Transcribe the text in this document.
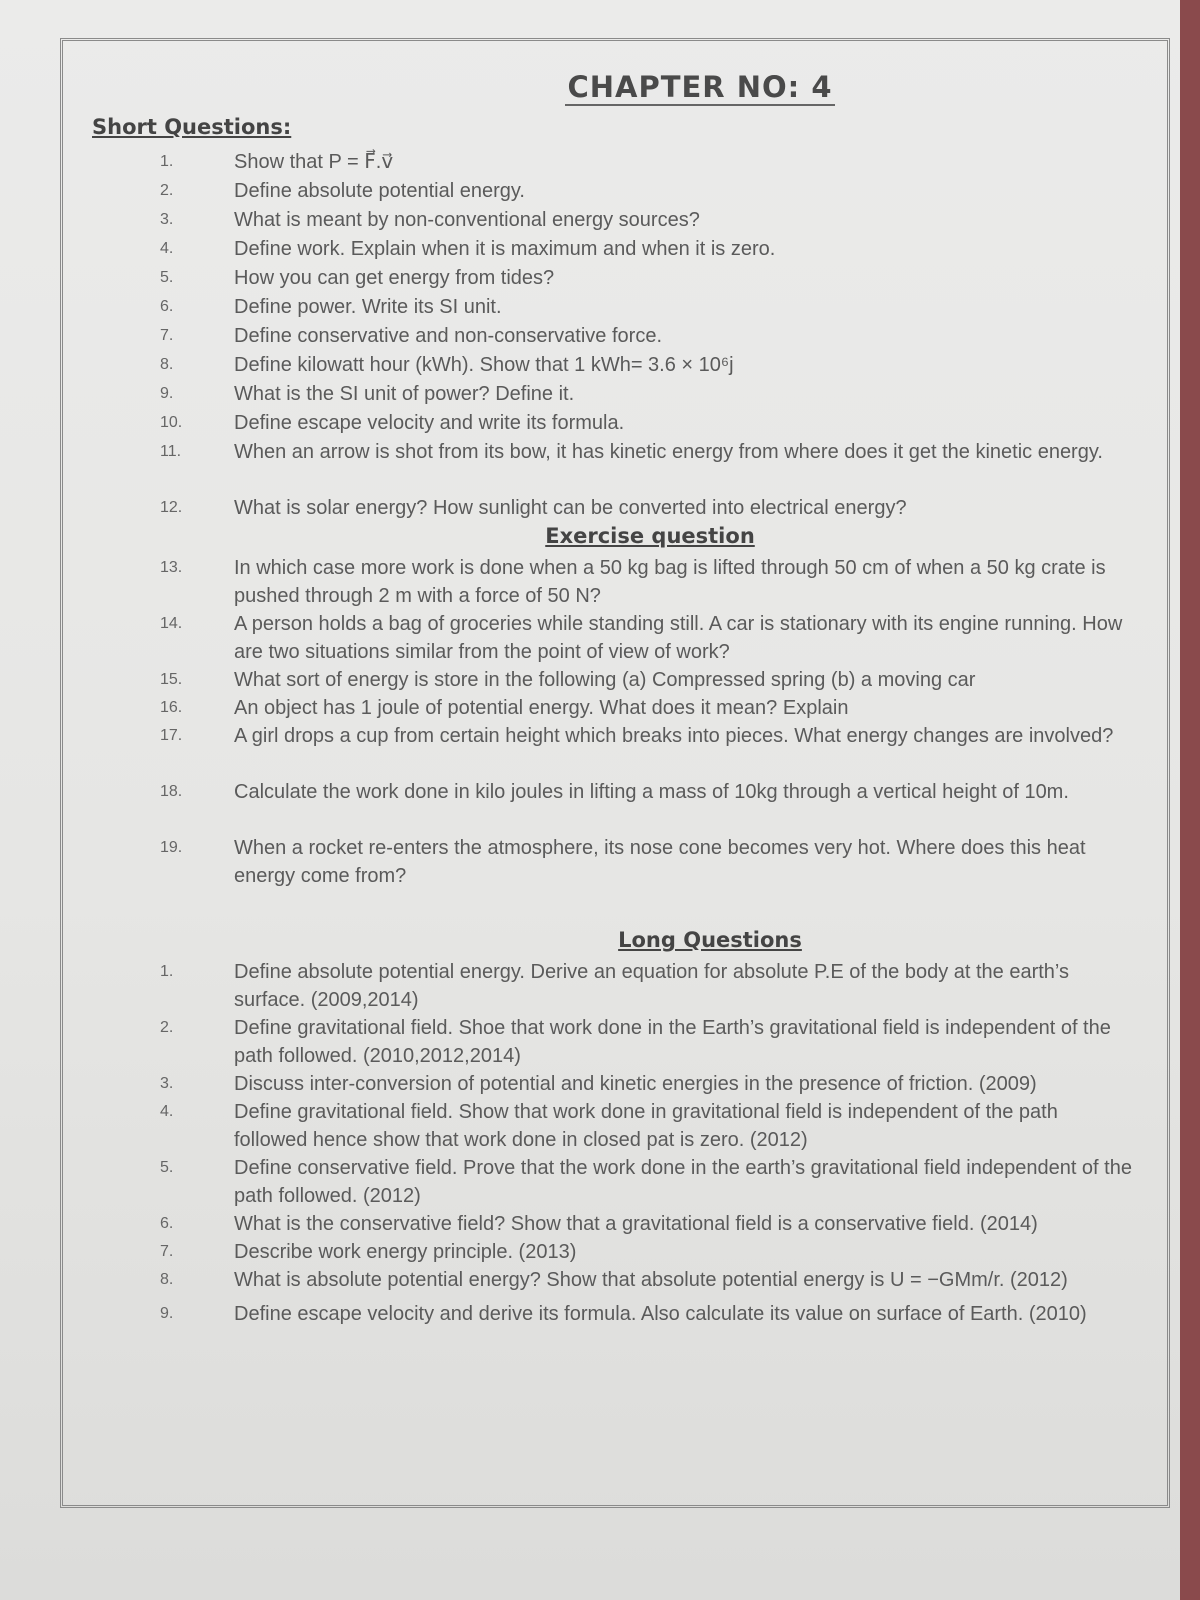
CHAPTER NO: 4
Short Questions:
1.	Show that P = F⃗.v⃗
2.	Define absolute potential energy.
3.	What is meant by non-conventional energy sources?
4.	Define work. Explain when it is maximum and when it is zero.
5.	How you can get energy from tides?
6.	Define power. Write its SI unit.
7.	Define conservative and non-conservative force.
8.	Define kilowatt hour (kWh). Show that 1 kWh= 3.6 × 10⁶j
9.	What is the SI unit of power? Define it.
10.	Define escape velocity and write its formula.
11.	When an arrow is shot from its bow, it has kinetic energy from where does it get the kinetic energy.
12.	What is solar energy? How sunlight can be converted into electrical energy?
Exercise question
13.	In which case more work is done when a 50 kg bag is lifted through 50 cm of when a 50 kg crate is pushed through 2 m with a force of 50 N?
14.	A person holds a bag of groceries while standing still. A car is stationary with its engine running. How are two situations similar from the point of view of work?
15.	What sort of energy is store in the following (a) Compressed spring (b) a moving car
16.	An object has 1 joule of potential energy. What does it mean? Explain
17.	A girl drops a cup from certain height which breaks into pieces. What energy changes are involved?
18.	Calculate the work done in kilo joules in lifting a mass of 10kg through a vertical height of 10m.
19.	When a rocket re-enters the atmosphere, its nose cone becomes very hot. Where does this heat energy come from?
Long Questions
1.	Define absolute potential energy. Derive an equation for absolute P.E of the body at the earth’s surface. (2009,2014)
2.	Define gravitational field. Shoe that work done in the Earth’s gravitational field is independent of the path followed. (2010,2012,2014)
3.	Discuss inter-conversion of potential and kinetic energies in the presence of friction. (2009)
4.	Define gravitational field. Show that work done in gravitational field is independent of the path followed hence show that work done in closed pat is zero. (2012)
5.	Define conservative field. Prove that the work done in the earth’s gravitational field independent of the path followed. (2012)
6.	What is the conservative field? Show that a gravitational field is a conservative field. (2014)
7.	Describe work energy principle. (2013)
8.	What is absolute potential energy? Show that absolute potential energy is U = −GMm/r. (2012)
9.	Define escape velocity and derive its formula. Also calculate its value on surface of Earth. (2010)
